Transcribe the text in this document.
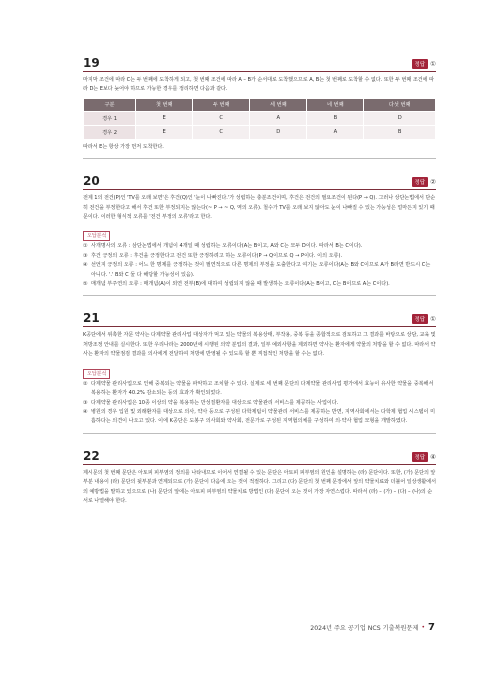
19	정답 ①

마지막 조건에 따라 C는 두 번째에 도착하게 되고, 첫 번째 조건에 따라 A – B가 순서대로 도착했으므로 A, B는 첫 번째로 도착할 수 없다. 또한 두 번째 조건에 따라 D는 E보다 늦어야 하므로 가능한 경우를 정리하면 다음과 같다.

구분	첫 번째	두 번째	세 번째	네 번째	다섯 번째
경우 1	E	C	A	B	D
경우 2	E	C	D	A	B

따라서 E는 항상 가장 먼저 도착한다.

20	정답 ②

전제 1의 전건(P)인 'TV를 오래 보면'은 후건(Q)인 '눈이 나빠진다.'가 성립하는 충분조건이며, 후건은 전건의 필요조건이 된다(P → Q). 그러나 상단논법에서 단순히 전건을 부정한다고 해서 후건 또한 부정되지는 않는다(~ P → ~ Q, 역의 오류). 철수가 TV를 오래 보지 않아도 눈이 나빠질 수 있는 가능성은 얼마든지 있기 때문이다. 이러한 형식적 오류를 '전건 부정의 오류'라고 한다.

오답분석
① 사개명사의 오류 : 삼단논법에서 개념이 4개일 때 성립하는 오류이다(A는 B이고, A와 C는 모두 D이다. 따라서 B는 C이다).
③ 후건 긍정의 오류 : 후건을 긍정한다고 전건 또한 긍정하려고 하는 오류이다(P → Q이므로 Q → P이다. 이의 오류).
④ 선언지 긍정의 오류 : 어느 한 명제를 긍정하는 것이 필연적으로 다른 명제의 부정을 도출한다고 여기는 오류이다(A는 B와 C이므로 A가 B라면 반드시 C는 아니다. '.' B와 C 둘 다 해당할 가능성이 있음).
⑤ 매개념 부주연의 오류 : 매개념(A)이 외연 전부(B)에 대하여 성립되지 않을 때 발생하는 오류이다(A는 B이고, C는 B이므로 A는 C이다).
21	정답 ①

K공단에서 위촉한 자문 약사는 다제약물 관리사업 대상자가 먹고 있는 약물의 복용상태, 부작용, 중복 등을 종합적으로 검토하고 그 결과를 바탕으로 상담, 교육 및 처방조정 안내를 실시한다. 또한 우리나라는 2000년에 시행된 의약 분업의 결과, 일부 예외사항을 제외하면 약사는 환자에게 약물의 처방을 할 수 없다. 따라서 약사는 환자의 약물점검 결과를 의사에게 전달하여 처방에 반영될 수 있도록 할 뿐 직접적인 처방을 할 수는 없다.

오답분석
② 다제약물 관리사업으로 인해 중복되는 약물을 파악하고 조치할 수 있다. 실제로 세 번째 문단의 다제약물 관리사업 평가에서 효능이 유사한 약물을 중복해서 복용하는 환자가 40.2% 감소되는 등의 효과가 확인되었다.
③ 다제약물 관리사업은 10종 이상의 약을 복용하는 만성질환자를 대상으로 약물관리 서비스를 제공하는 사업이다.
④ 병원의 경우 입원 및 외래환자를 대상으로 의사, 약사 등으로 구성된 다학제팀이 약물관리 서비스를 제공하는 반면, 지역사회에서는 다학제 협업 시스템이 미흡하다는 의견이 나오고 있다. 이에 K공단은 도봉구 의사회와 약사회, 전문가로 구성된 지역협의체를 구성하여 의·약사 협업 모형을 개발하였다.
22	정답 ④

제시문의 첫 번째 문단은 아토피 피부염의 정의를 나타내므로 이어서 연결될 수 있는 문단은 아토피 피부염의 원인을 설명하는 (라) 문단이다. 또한, (가) 문단의 앞부분 내용이 (라) 문단의 뒷부분과 연계되므로 (가) 문단이 다음에 오는 것이 적절하다. 그리고 (다) 문단의 첫 번째 문장에서 앞의 약물치료와 더불어 일상생활에서의 예방법을 말하고 있으므로 (나) 문단의 앞에는 아토피 피부염의 약물치료 방법인 (다) 문단이 오는 것이 가장 자연스럽다. 따라서 (라) – (가) – (다) – (나)의 순서로 나열해야 한다.

2024년 주요 공기업 NCS 기출복원문제 • 7
